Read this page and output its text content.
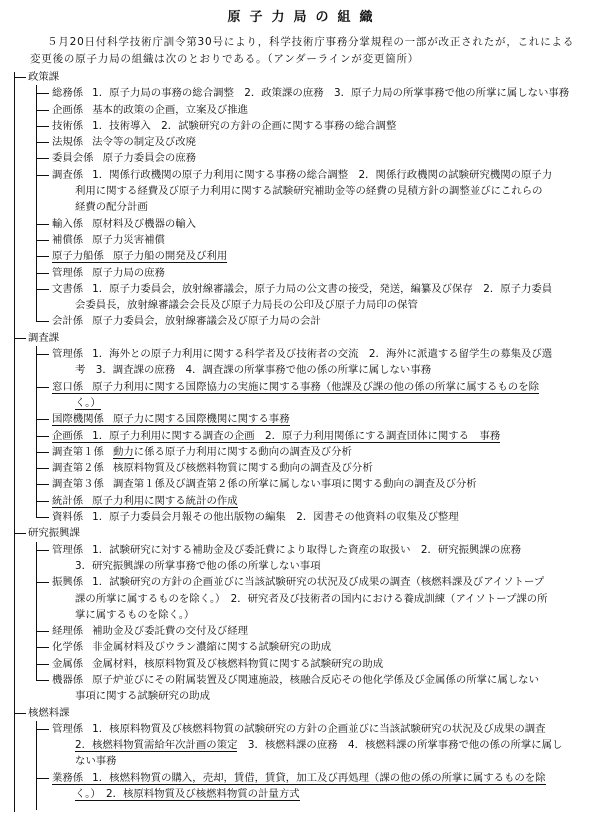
原子力局の組織
５月20日付科学技術庁訓令第30号により，科学技術庁事務分掌規程の一部が改正されたが，これによる
変更後の原子力局の組織は次のとおりである。（アンダーラインが変更箇所）
政策課
総務係 1．原子力局の事務の総合調整　2．政策課の庶務　3．原子力局の所掌事務で他の所掌に属しない事務
企画係 基本的政策の企画，立案及び推進
技術係 1．技術導入　2．試験研究の方針の企画に関する事務の総合調整
法規係 法令等の制定及び改廃
委員会係 原子力委員会の庶務
調査係 1．関係行政機関の原子力利用に関する事務の総合調整　2．関係行政機関の試験研究機関の原子力
利用に関する経費及び原子力利用に関する試験研究補助金等の経費の見積方針の調整並びにこれらの
経費の配分計画
輸入係 原材料及び機器の輸入
補償係 原子力災害補償
原子力船係 原子力船の開発及び利用
管理係 原子力局の庶務
文書係 1．原子力委員会，放射線審議会，原子力局の公文書の接受，発送，編纂及び保存　2．原子力委員
会委員長，放射線審議会会長及び原子力局長の公印及び原子力局印の保管
会計係 原子力委員会，放射線審議会及び原子力局の会計
調査課
管理係 1．海外との原子力利用に関する科学者及び技術者の交流　2．海外に派遣する留学生の募集及び選
考　3．調査課の庶務　4．調査課の所掌事務で他の係の所掌に属しない事務
窓口係 原子力利用に関する国際協力の実施に関する事務（他課及び課の他の係の所掌に属するものを除
く。）
国際機関係 原子力に関する国際機関に関する事務
企画係 1．原子力利用に関する調査の企画　2．原子力利用関係にする調査団体に関する　事務
調査第１係 動力に係る原子力利用に関する動向の調査及び分析
調査第２係 核原料物質及び核燃料物質に関する動向の調査及び分析
調査第３係 調査第１係及び調査第２係の所掌に属しない事項に関する動向の調査及び分析
統計係 原子力利用に関する統計の作成
資料係 1．原子力委員会月報その他出版物の編集　2．図書その他資料の収集及び整理
研究振興課
管理係 1．試験研究に対する補助金及び委託費により取得した資産の取扱い　2．研究振興課の庶務
3．研究振興課の所掌事務で他の係の所掌しない事項
振興係 1．試験研究の方針の企画並びに当該試験研究の状況及び成果の調査（核燃料課及びアイソトープ
課の所掌に属するものを除く。）　2．研究者及び技術者の国内における養成訓練（アイソトープ課の所
掌に属するものを除く。）
経理係 補助金及び委託費の交付及び経理
化学係 非金属材料及びウラン濃縮に関する試験研究の助成
金属係 金属材料，核原料物質及び核燃料物質に関する試験研究の助成
機器係 原子炉並びにその附属装置及び関連施設，核融合反応その他化学係及び金属係の所掌に属しない
事項に関する試験研究の助成
核燃料課
管理係 1．核原料物質及び核燃料物質の試験研究の方針の企画並びに当該試験研究の状況及び成果の調査
2．核燃料物質需給年次計画の策定　3．核燃料課の庶務　4．核燃料課の所掌事務で他の係の所掌に属し
ない事務
業務係 1．核燃料物質の購入，売却，賃借，賃貸，加工及び再処理（課の他の係の所掌に属するものを除
く。）　2．核原料物質及び核燃料物質の計量方式
